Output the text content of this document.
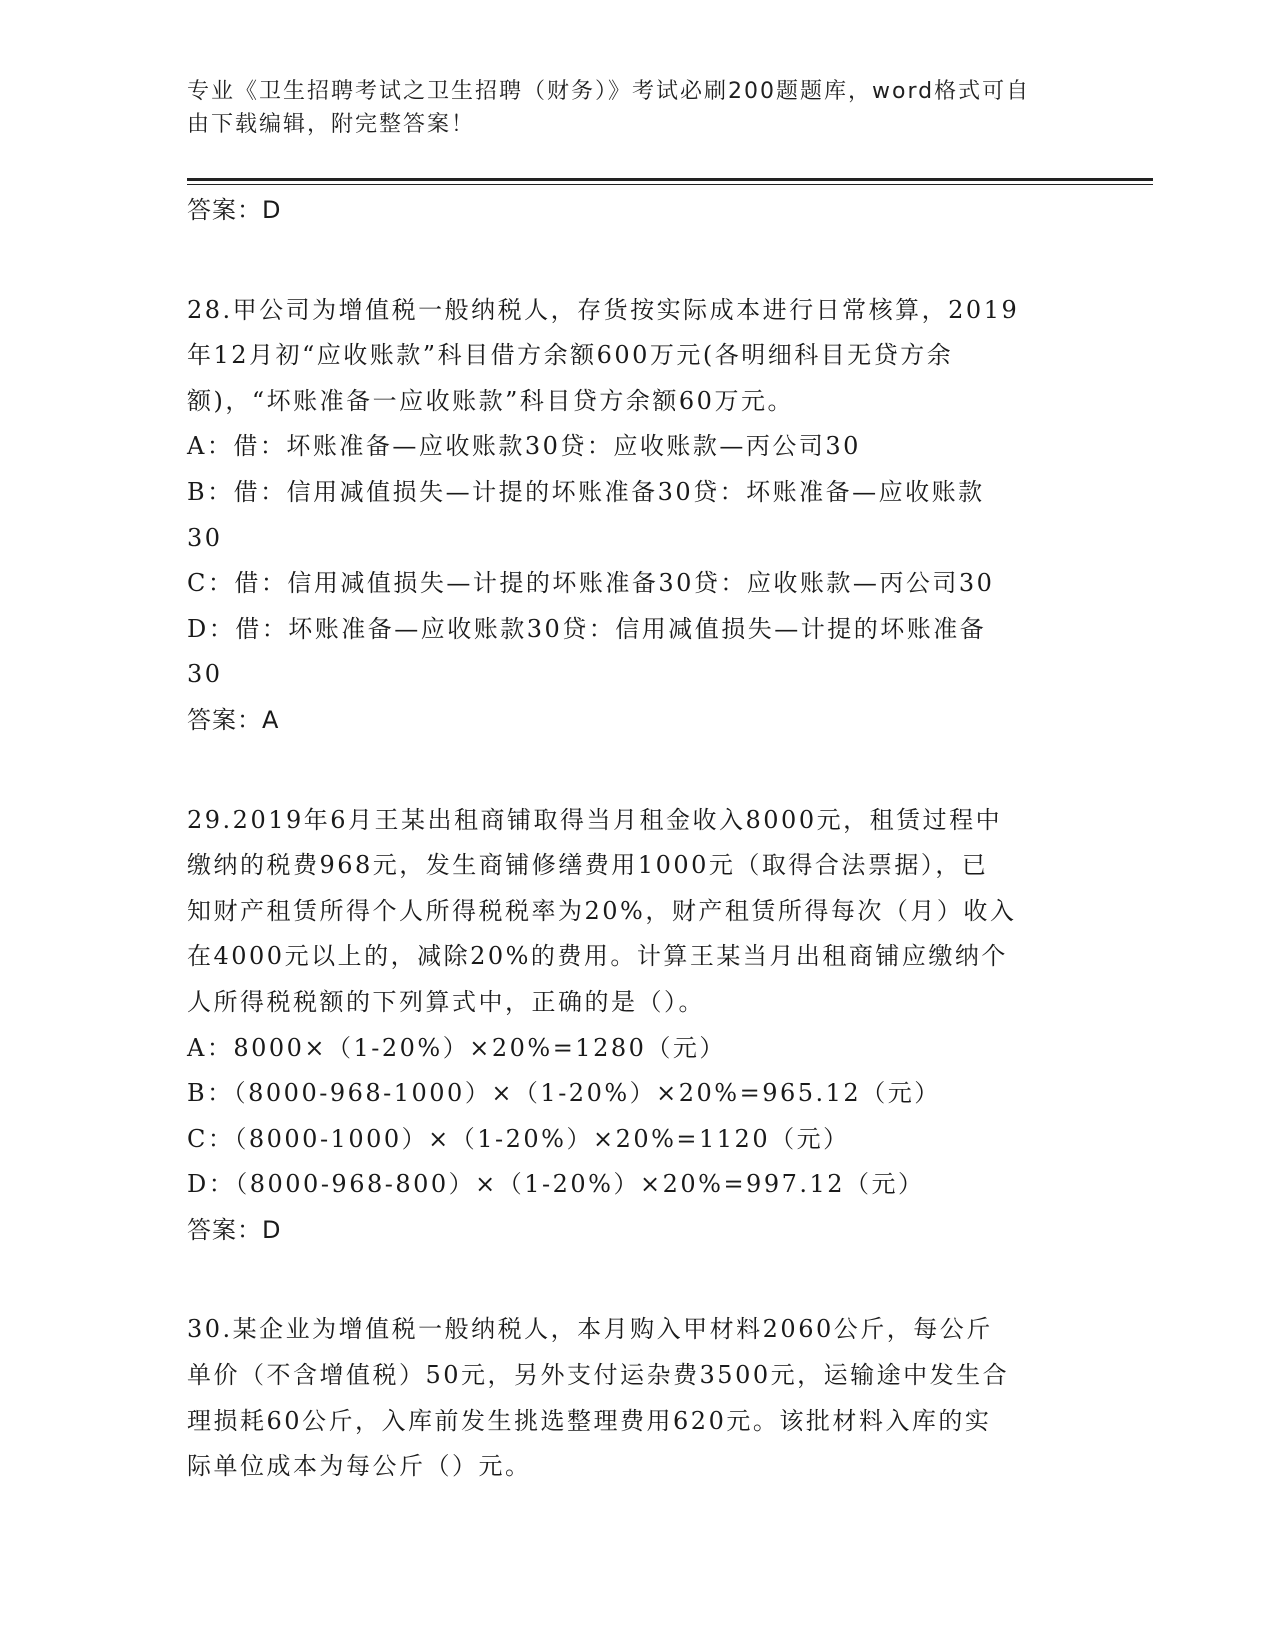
专业《卫生招聘考试之卫生招聘（财务）》考试必刷200题题库，word格式可自
由下载编辑，附完整答案！
答案：D
28.甲公司为增值税一般纳税人，存货按实际成本进行日常核算，2019
年12月初“应收账款”科目借方余额600万元(各明细科目无贷方余
额)，“坏账准备一应收账款”科目贷方余额60万元。
A：借：坏账准备—应收账款30贷：应收账款—丙公司30
B：借：信用减值损失—计提的坏账准备30贷：坏账准备—应收账款
30
C：借：信用减值损失—计提的坏账准备30贷：应收账款—丙公司30
D：借：坏账准备—应收账款30贷：信用减值损失—计提的坏账准备
30
答案：A
29.2019年6月王某出租商铺取得当月租金收入8000元，租赁过程中
缴纳的税费968元，发生商铺修缮费用1000元（取得合法票据），已
知财产租赁所得个人所得税税率为20%，财产租赁所得每次（月）收入
在4000元以上的，减除20%的费用。计算王某当月出租商铺应缴纳个
人所得税税额的下列算式中，正确的是（）。
A：8000×（1-20%）×20%=1280（元）
B：（8000-968-1000）×（1-20%）×20%=965.12（元）
C：（8000-1000）×（1-20%）×20%=1120（元）
D：（8000-968-800）×（1-20%）×20%=997.12（元）
答案：D
30.某企业为增值税一般纳税人，本月购入甲材料2060公斤，每公斤
单价（不含增值税）50元，另外支付运杂费3500元，运输途中发生合
理损耗60公斤，入库前发生挑选整理费用620元。该批材料入库的实
际单位成本为每公斤（）元。
